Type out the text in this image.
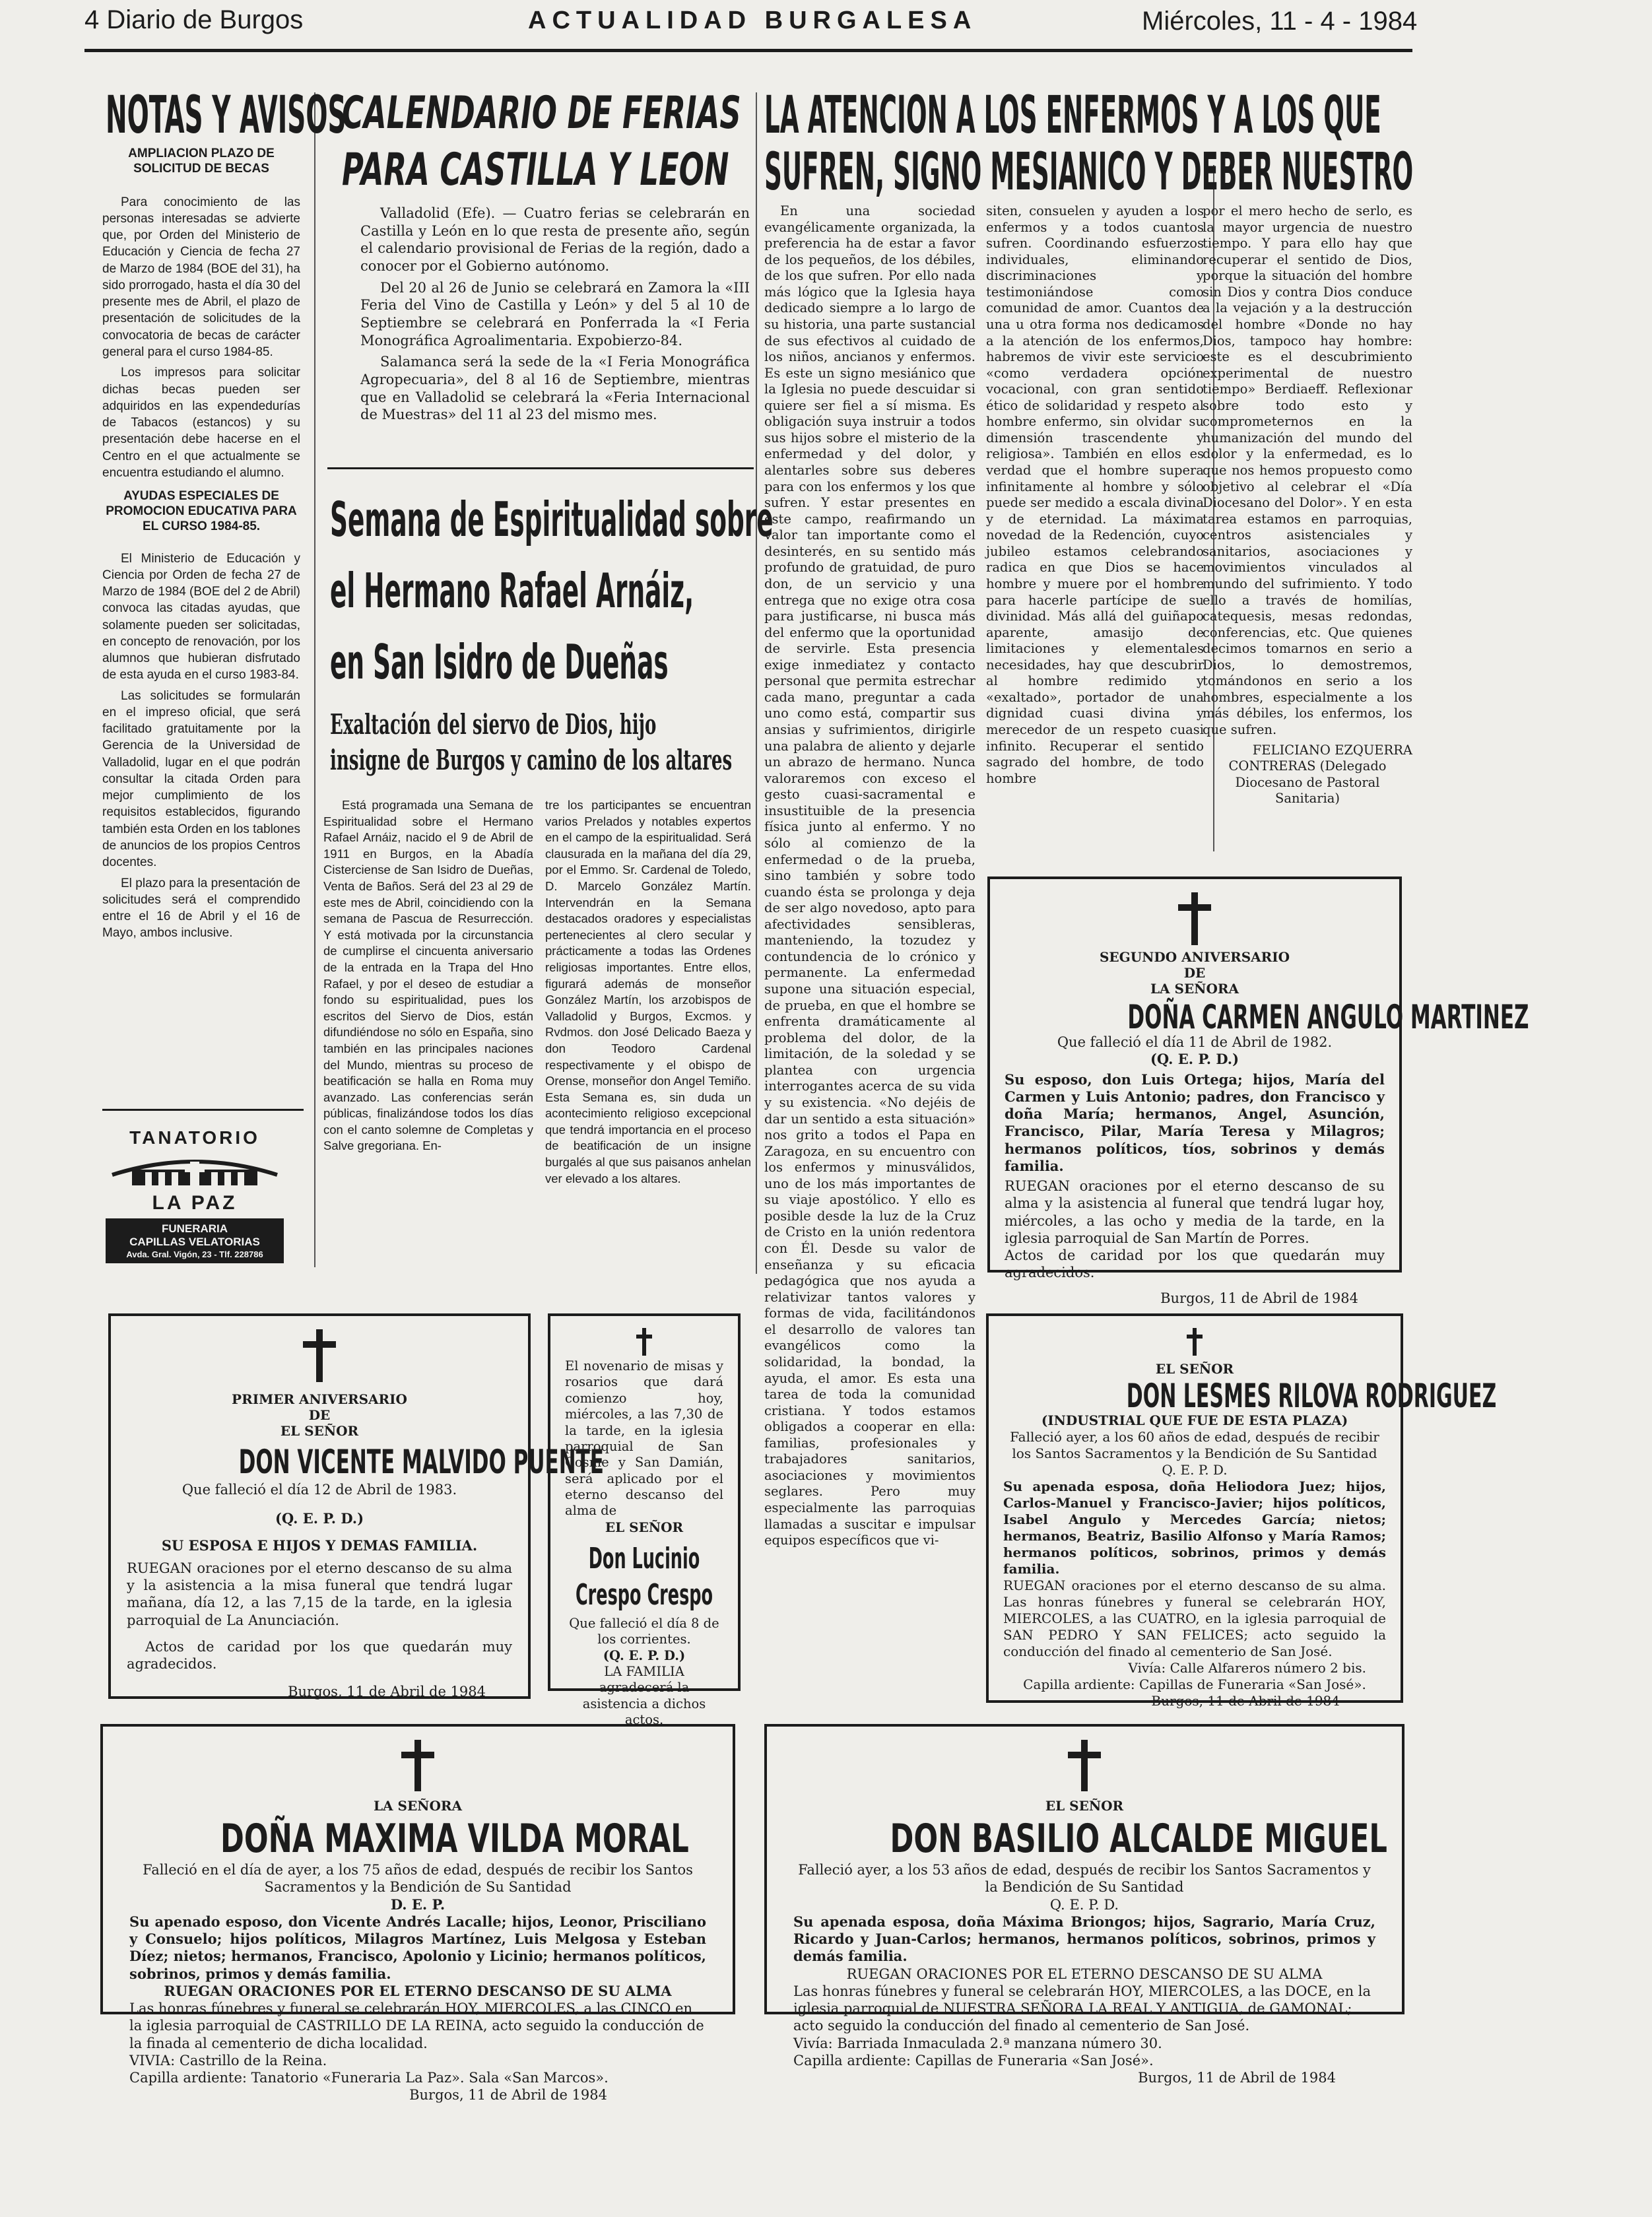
4 Diario de Burgos	ACTUALIDAD BURGALESA	Miércoles, 11 - 4 - 1984
NOTAS Y AVISOS
AMPLIACION PLAZO DE SOLICITUD DE BECAS

Para conocimiento de las personas interesadas se advierte que, por Orden del Ministerio de Educación y Ciencia de fecha 27 de Marzo de 1984 (BOE del 31), ha sido prorrogado, hasta el día 30 del presente mes de Abril, el plazo de presentación de solicitudes de la convocatoria de becas de carácter general para el curso 1984-85.

Los impresos para solicitar dichas becas pueden ser adquiridos en las expendedurías de Tabacos (estancos) y su presentación debe hacerse en el Centro en el que actualmente se encuentra estudiando el alumno.

AYUDAS ESPECIALES DE PROMOCION EDUCATIVA PARA EL CURSO 1984-85.

El Ministerio de Educación y Ciencia por Orden de fecha 27 de Marzo de 1984 (BOE del 2 de Abril) convoca las citadas ayudas, que solamente pueden ser solicitadas, en concepto de renovación, por los alumnos que hubieran disfrutado de esta ayuda en el curso 1983-84.

Las solicitudes se formularán en el impreso oficial, que será facilitado gratuitamente por la Gerencia de la Universidad de Valladolid, lugar en el que podrán consultar la citada Orden para mejor cumplimiento de los requisitos establecidos, figurando también esta Orden en los tablones de anuncios de los propios Centros docentes.

El plazo para la presentación de solicitudes será el comprendido entre el 16 de Abril y el 16 de Mayo, ambos inclusive.

TANATORIO
LA PAZ
FUNERARIA
CAPILLAS VELATORIAS
Avda. Gral. Vigón, 23 - Tlf. 228786
CALENDARIO DE FERIAS
PARA CASTILLA Y LEON

Valladolid (Efe). — Cuatro ferias se celebrarán en Castilla y León en lo que resta de presente año, según el calendario provisional de Ferias de la región, dado a conocer por el Gobierno autónomo.

Del 20 al 26 de Junio se celebrará en Zamora la «III Feria del Vino de Castilla y León» y del 5 al 10 de Septiembre se celebrará en Ponferrada la «I Feria Monográfica Agroalimentaria. Expobierzo-84.

Salamanca será la sede de la «I Feria Monográfica Agropecuaria», del 8 al 16 de Septiembre, mientras que en Valladolid se celebrará la «Feria Internacional de Muestras» del 11 al 23 del mismo mes.

Semana de Espiritualidad sobre
el Hermano Rafael Arnáiz,
en San Isidro de Dueñas
Exaltación del siervo de Dios, hijo
insigne de Burgos y camino de los altares

Está programada una Semana de Espiritualidad sobre el Hermano Rafael Arnáiz, nacido el 9 de Abril de 1911 en Burgos, en la Abadía Cisterciense de San Isidro de Dueñas, Venta de Baños. Será del 23 al 29 de este mes de Abril, coincidiendo con la semana de Pascua de Resurrección. Y está motivada por la circunstancia de cumplirse el cincuenta aniversario de la entrada en la Trapa del Hno Rafael, y por el deseo de estudiar a fondo su espiritualidad, pues los escritos del Siervo de Dios, están difundiéndose no sólo en España, sino también en las principales naciones del Mundo, mientras su proceso de beatificación se halla en Roma muy avanzado. Las conferencias serán públicas, finalizándose todos los días con el canto solemne de Completas y Salve gregoriana. En-

tre los participantes se encuentran varios Prelados y notables expertos en el campo de la espiritualidad. Será clausurada en la mañana del día 29, por el Emmo. Sr. Cardenal de Toledo, D. Marcelo González Martín. Intervendrán en la Semana destacados oradores y especialistas pertenecientes al clero secular y prácticamente a todas las Ordenes religiosas importantes. Entre ellos, figurará además de monseñor González Martín, los arzobispos de Valladolid y Burgos, Excmos. y Rvdmos. don José Delicado Baeza y don Teodoro Cardenal respectivamente y el obispo de Orense, monseñor don Angel Temiño. Esta Semana es, sin duda un acontecimiento religioso excepcional que tendrá importancia en el proceso de beatificación de un insigne burgalés al que sus paisanos anhelan ver elevado a los altares.

LA ATENCION A LOS ENFERMOS Y A LOS QUE
SUFREN, SIGNO MESIANICO Y DEBER NUESTRO

En una sociedad evangélicamente organizada, la preferencia ha de estar a favor de los pequeños, de los débiles, de los que sufren. Por ello nada más lógico que la Iglesia haya dedicado siempre a lo largo de su historia, una parte sustancial de sus efectivos al cuidado de los niños, ancianos y enfermos. Es este un signo mesiánico que la Iglesia no puede descuidar si quiere ser fiel a sí misma. Es obligación suya instruir a todos sus hijos sobre el misterio de la enfermedad y del dolor, y alentarles sobre sus deberes para con los enfermos y los que sufren. Y estar presentes en este campo, reafirmando un valor tan importante como el desinterés, en su sentido más profundo de gratuidad, de puro don, de un servicio y una entrega que no exige otra cosa para justificarse, ni busca más del enfermo que la oportunidad de servirle. Esta presencia exige inmediatez y contacto personal que permita estrechar cada mano, preguntar a cada uno como está, compartir sus ansias y sufrimientos, dirigirle una palabra de aliento y dejarle un abrazo de hermano. Nunca valoraremos con exceso el gesto cuasi-sacramental e insustituible de la presencia física junto al enfermo. Y no sólo al comienzo de la enfermedad o de la prueba, sino también y sobre todo cuando ésta se prolonga y deja de ser algo novedoso, apto para afectividades sensibleras, manteniendo, la tozudez y contundencia de lo crónico y permanente. La enfermedad supone una situación especial, de prueba, en que el hombre se enfrenta dramáticamente al problema del dolor, de la limitación, de la soledad y se plantea con urgencia interrogantes acerca de su vida y su existencia. «No dejéis de dar un sentido a esta situación» nos grito a todos el Papa en Zaragoza, en su encuentro con los enfermos y minusválidos, uno de los más importantes de su viaje apostólico. Y ello es posible desde la luz de la Cruz de Cristo en la unión redentora con Él. Desde su valor de enseñanza y su eficacia pedagógica que nos ayuda a relativizar tantos valores y formas de vida, facilitándonos el desarrollo de valores tan evangélicos como la solidaridad, la bondad, la ayuda, el amor. Es esta una tarea de toda la comunidad cristiana. Y todos estamos obligados a cooperar en ella: familias, profesionales y trabajadores sanitarios, asociaciones y movimientos seglares. Pero muy especialmente las parroquias llamadas a suscitar e impulsar equipos específicos que vi-

siten, consuelen y ayuden a los enfermos y a todos cuantos sufren. Coordinando esfuerzos individuales, eliminando discriminaciones y testimoniándose como comunidad de amor. Cuantos de una u otra forma nos dedicamos a la atención de los enfermos, habremos de vivir este servicio «como verdadera opción vocacional, con gran sentido ético de solidaridad y respeto al hombre enfermo, sin olvidar su dimensión trascendente y religiosa». También en ellos es verdad que el hombre supera infinitamente al hombre y sólo puede ser medido a escala divina y de eternidad. La máxima novedad de la Redención, cuyo jubileo estamos celebrando radica en que Dios se hace hombre y muere por el hombre para hacerle partícipe de su divinidad. Más allá del guiñapo aparente, amasijo de limitaciones y elementales necesidades, hay que descubrir al hombre redimido y «exaltado», portador de una dignidad cuasi divina y merecedor de un respeto cuasi infinito. Recuperar el sentido sagrado del hombre, de todo hombre

por el mero hecho de serlo, es la mayor urgencia de nuestro tiempo. Y para ello hay que recuperar el sentido de Dios, porque la situación del hombre sin Dios y contra Dios conduce a la vejación y a la destrucción del hombre «Donde no hay Dios, tampoco hay hombre: este es el descubrimiento experimental de nuestro tiempo» Berdiaeff. Reflexionar sobre todo esto y comprometernos en la humanización del mundo del dolor y la enfermedad, es lo que nos hemos propuesto como objetivo al celebrar el «Día Diocesano del Dolor». Y en esta tarea estamos en parroquias, centros asistenciales y sanitarios, asociaciones y movimientos vinculados al mundo del sufrimiento. Y todo ello a través de homilías, catequesis, mesas redondas, conferencias, etc. Que quienes decimos tomarnos en serio a Dios, lo demostremos, tomándonos en serio a los hombres, especialmente a los más débiles, los enfermos, los que sufren.

FELICIANO EZQUERRA
CONTRERAS (Delegado Diocesano de Pastoral Sanitaria)
SEGUNDO ANIVERSARIO
DE
LA SEÑORA
DOÑA CARMEN ANGULO MARTINEZ
Que falleció el día 11 de Abril de 1982.
(Q. E. P. D.)
Su esposo, don Luis Ortega; hijos, María del Carmen y Luis Antonio; padres, don Francisco y doña María; hermanos, Angel, Asunción, Francisco, Pilar, María Teresa y Milagros; hermanos políticos, tíos, sobrinos y demás familia.
RUEGAN oraciones por el eterno descanso de su alma y la asistencia al funeral que tendrá lugar hoy, miércoles, a las ocho y media de la tarde, en la iglesia parroquial de San Martín de Porres.
Actos de caridad por los que quedarán muy agradecidos.
Burgos, 11 de Abril de 1984
PRIMER ANIVERSARIO
DE
EL SEÑOR
DON VICENTE MALVIDO PUENTE
Que falleció el día 12 de Abril de 1983.
(Q. E. P. D.)
SU ESPOSA E HIJOS Y DEMAS FAMILIA.
RUEGAN oraciones por el eterno descanso de su alma y la asistencia a la misa funeral que tendrá lugar mañana, día 12, a las 7,15 de la tarde, en la iglesia parroquial de La Anunciación.
Actos de caridad por los que quedarán muy agradecidos.
Burgos, 11 de Abril de 1984
El novenario de misas y rosarios que dará comienzo hoy, miércoles, a las 7,30 de la tarde, en la iglesia parroquial de San Cosme y San Damián, será aplicado por el eterno descanso del alma de
EL SEÑOR
Don Lucinio
Crespo Crespo
Que falleció el día 8 de los corrientes.
(Q. E. P. D.)
LA FAMILIA agradecerá la asistencia a dichos actos.
EL SEÑOR
DON LESMES RILOVA RODRIGUEZ
(INDUSTRIAL QUE FUE DE ESTA PLAZA)
Falleció ayer, a los 60 años de edad, después de recibir los Santos Sacramentos y la Bendición de Su Santidad
Q. E. P. D.
Su apenada esposa, doña Heliodora Juez; hijos, Carlos-Manuel y Francisco-Javier; hijos políticos, Isabel Angulo y Mercedes García; nietos; hermanos, Beatriz, Basilio Alfonso y María Ramos; hermanos políticos, sobrinos, primos y demás familia.
RUEGAN oraciones por el eterno descanso de su alma. Las honras fúnebres y funeral se celebrarán HOY, MIERCOLES, a las CUATRO, en la iglesia parroquial de SAN PEDRO Y SAN FELICES; acto seguido la conducción del finado al cementerio de San José.
Vivía: Calle Alfareros número 2 bis.
Capilla ardiente: Capillas de Funeraria «San José».
Burgos, 11 de Abril de 1984
LA SEÑORA
DOÑA MAXIMA VILDA MORAL
Falleció en el día de ayer, a los 75 años de edad, después de recibir los Santos Sacramentos y la Bendición de Su Santidad
D. E. P.
Su apenado esposo, don Vicente Andrés Lacalle; hijos, Leonor, Prisciliano y Consuelo; hijos políticos, Milagros Martínez, Luis Melgosa y Esteban Díez; nietos; hermanos, Francisco, Apolonio y Licinio; hermanos políticos, sobrinos, primos y demás familia.
RUEGAN ORACIONES POR EL ETERNO DESCANSO DE SU ALMA
Las honras fúnebres y funeral se celebrarán HOY, MIERCOLES, a las CINCO en la iglesia parroquial de CASTRILLO DE LA REINA, acto seguido la conducción de la finada al cementerio de dicha localidad.
VIVIA: Castrillo de la Reina.
Capilla ardiente: Tanatorio «Funeraria La Paz». Sala «San Marcos».
Burgos, 11 de Abril de 1984
EL SEÑOR
DON BASILIO ALCALDE MIGUEL
Falleció ayer, a los 53 años de edad, después de recibir los Santos Sacramentos y la Bendición de Su Santidad
Q. E. P. D.
Su apenada esposa, doña Máxima Briongos; hijos, Sagrario, María Cruz, Ricardo y Juan-Carlos; hermanos, hermanos políticos, sobrinos, primos y demás familia.
RUEGAN ORACIONES POR EL ETERNO DESCANSO DE SU ALMA
Las honras fúnebres y funeral se celebrarán HOY, MIERCOLES, a las DOCE, en la iglesia parroquial de NUESTRA SEÑORA LA REAL Y ANTIGUA, de GAMONAL; acto seguido la conducción del finado al cementerio de San José.
Vivía: Barriada Inmaculada 2.ª manzana número 30.
Capilla ardiente: Capillas de Funeraria «San José».
Burgos, 11 de Abril de 1984
